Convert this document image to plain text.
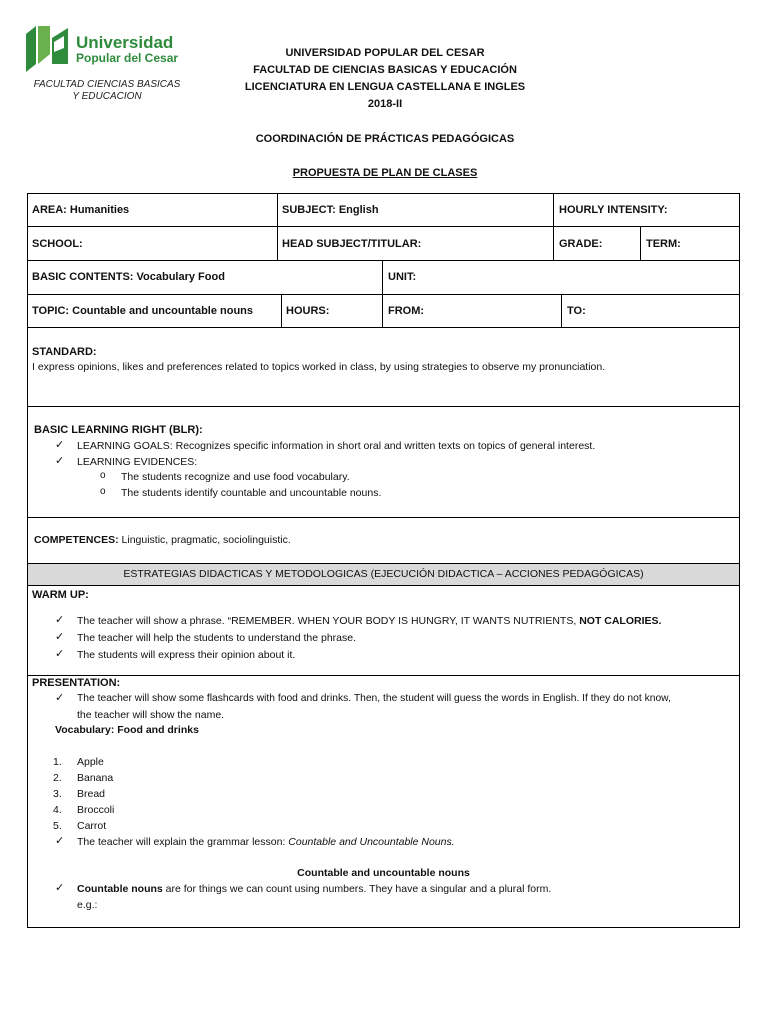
Universidad
Popular del Cesar
FACULTAD CIENCIAS BASICAS
Y EDUCACION
UNIVERSIDAD POPULAR DEL CESAR
FACULTAD DE CIENCIAS BASICAS Y EDUCACIÓN
LICENCIATURA EN LENGUA CASTELLANA E INGLES
2018-II
COORDINACIÓN DE PRÁCTICAS PEDAGÓGICAS
PROPUESTA DE PLAN DE CLASES
AREA: Humanities	SUBJECT: English	HOURLY INTENSITY:
SCHOOL:	HEAD SUBJECT/TITULAR:	GRADE:	TERM:
BASIC CONTENTS: Vocabulary Food	UNIT:
TOPIC: Countable and uncountable nouns	HOURS:	FROM:	TO:
STANDARD:
I express opinions, likes and preferences related to topics worked in class, by using strategies to observe my pronunciation.
BASIC LEARNING RIGHT (BLR):
✓ LEARNING GOALS: Recognizes specific information in short oral and written texts on topics of general interest.
✓ LEARNING EVIDENCES:
o The students recognize and use food vocabulary.
o The students identify countable and uncountable nouns.
COMPETENCES: Linguistic, pragmatic, sociolinguistic.
ESTRATEGIAS DIDACTICAS Y METODOLOGICAS (EJECUCIÓN DIDACTICA – ACCIONES PEDAGÓGICAS)
WARM UP:
✓ The teacher will show a phrase. “REMEMBER. WHEN YOUR BODY IS HUNGRY, IT WANTS NUTRIENTS, NOT CALORIES.
✓ The teacher will help the students to understand the phrase.
✓ The students will express their opinion about it.
PRESENTATION:
✓ The teacher will show some flashcards with food and drinks. Then, the student will guess the words in English. If they do not know,
the teacher will show the name.
Vocabulary: Food and drinks
1. Apple
2. Banana
3. Bread
4. Broccoli
5. Carrot
✓ The teacher will explain the grammar lesson: Countable and Uncountable Nouns.
Countable and uncountable nouns
✓ Countable nouns are for things we can count using numbers. They have a singular and a plural form.
e.g.:
